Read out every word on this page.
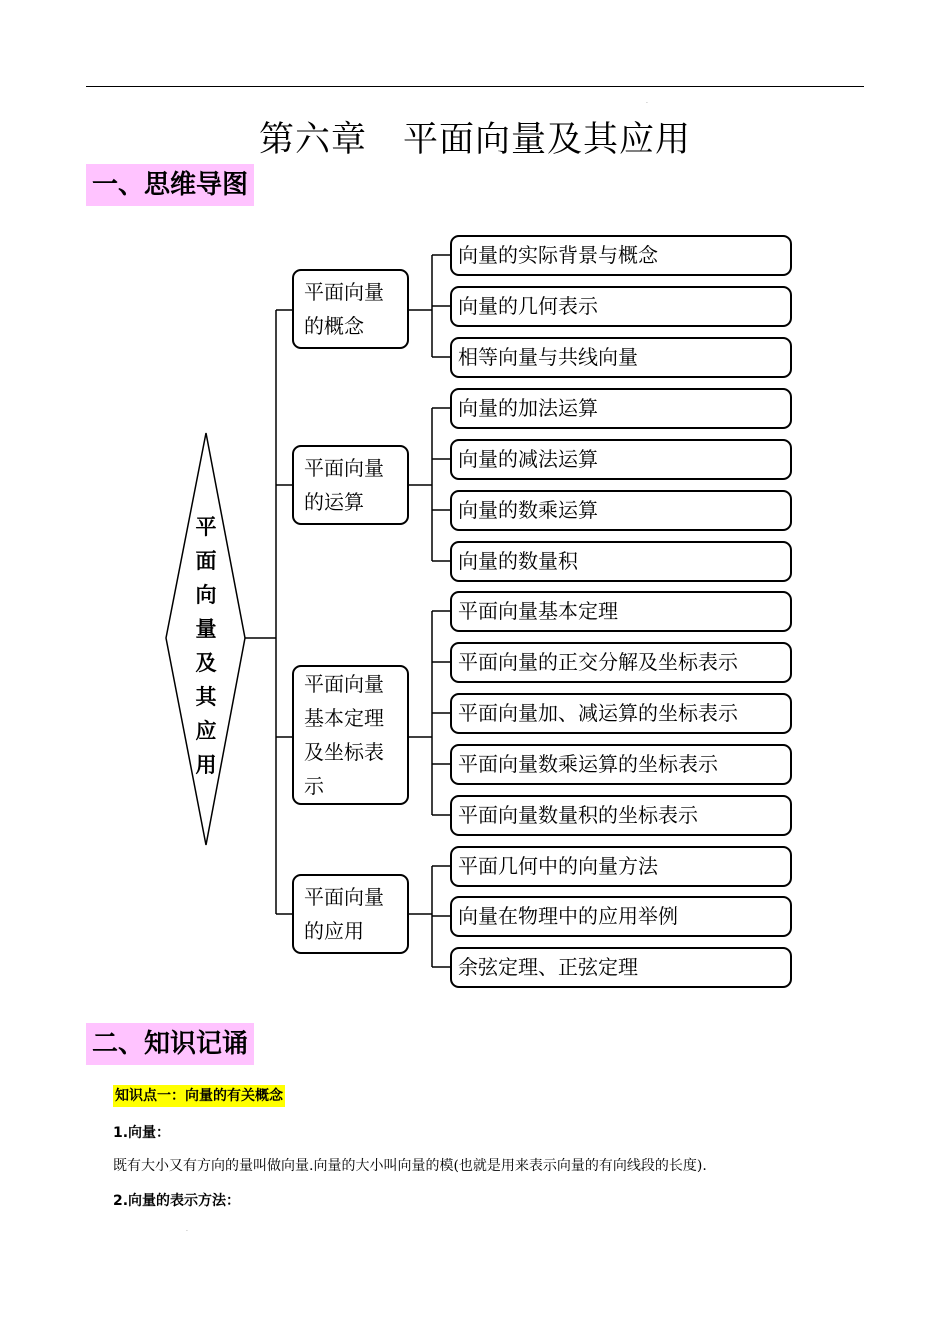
.
第六章　平面向量及其应用
一、思维导图
平面向量及其应用
平面向量的概念
向量的实际背景与概念
向量的几何表示
相等向量与共线向量
平面向量的运算
向量的加法运算
向量的减法运算
向量的数乘运算
向量的数量积
平面向量基本定理及坐标表示
平面向量基本定理
平面向量的正交分解及坐标表示
平面向量加、减运算的坐标表示
平面向量数乘运算的坐标表示
平面向量数量积的坐标表示
平面向量的应用
平面几何中的向量方法
向量在物理中的应用举例
余弦定理、正弦定理
二、知识记诵
知识点一：向量的有关概念
1.向量：
既有大小又有方向的量叫做向量.向量的大小叫向量的模(也就是用来表示向量的有向线段的长度).
2.向量的表示方法：
.
